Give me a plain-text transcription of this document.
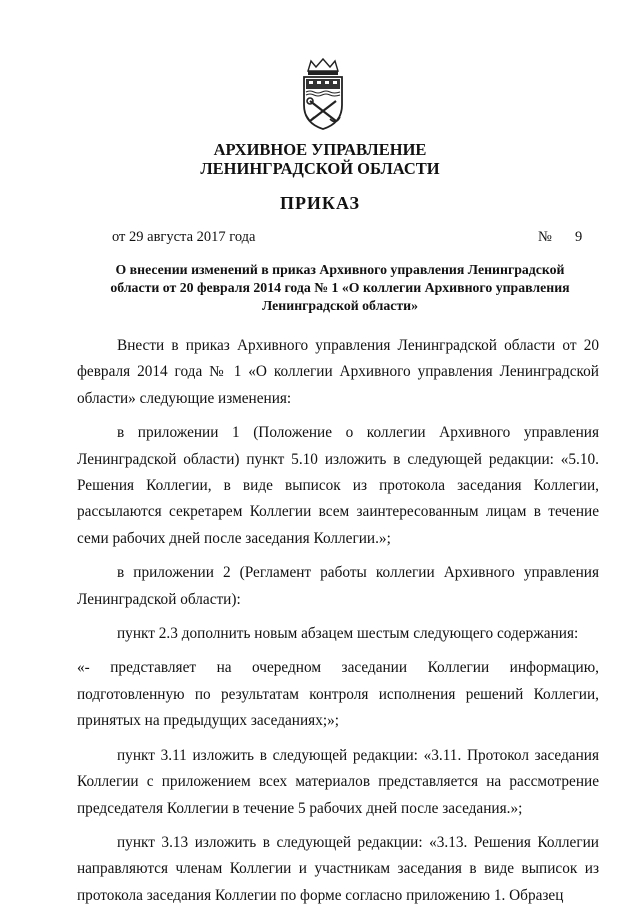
АРХИВНОЕ УПРАВЛЕНИЕ
ЛЕНИНГРАДСКОЙ ОБЛАСТИ
ПРИКАЗ
от 29 августа 2017 года	№ 9
О внесении изменений в приказ Архивного управления Ленинградской области от 20 февраля 2014 года № 1 «О коллегии Архивного управления Ленинградской области»

Внести в приказ Архивного управления Ленинградской области от 20 февраля 2014 года № 1 «О коллегии Архивного управления Ленинградской области» следующие изменения:

в приложении 1 (Положение о коллегии Архивного управления Ленинградской области) пункт 5.10 изложить в следующей редакции: «5.10. Решения Коллегии, в виде выписок из протокола заседания Коллегии, рассылаются секретарем Коллегии всем заинтересованным лицам в течение семи рабочих дней после заседания Коллегии.»;

в приложении 2 (Регламент работы коллегии Архивного управления Ленинградской области):

пункт 2.3 дополнить новым абзацем шестым следующего содержания:

«- представляет на очередном заседании Коллегии информацию, подготовленную по результатам контроля исполнения решений Коллегии, принятых на предыдущих заседаниях;»;

пункт 3.11 изложить в следующей редакции: «3.11. Протокол заседания Коллегии с приложением всех материалов представляется на рассмотрение председателя Коллегии в течение 5 рабочих дней после заседания.»;

пункт 3.13 изложить в следующей редакции: «3.13. Решения Коллегии направляются членам Коллегии и участникам заседания в виде выписок из протокола заседания Коллегии по форме согласно приложению 1. Образец
